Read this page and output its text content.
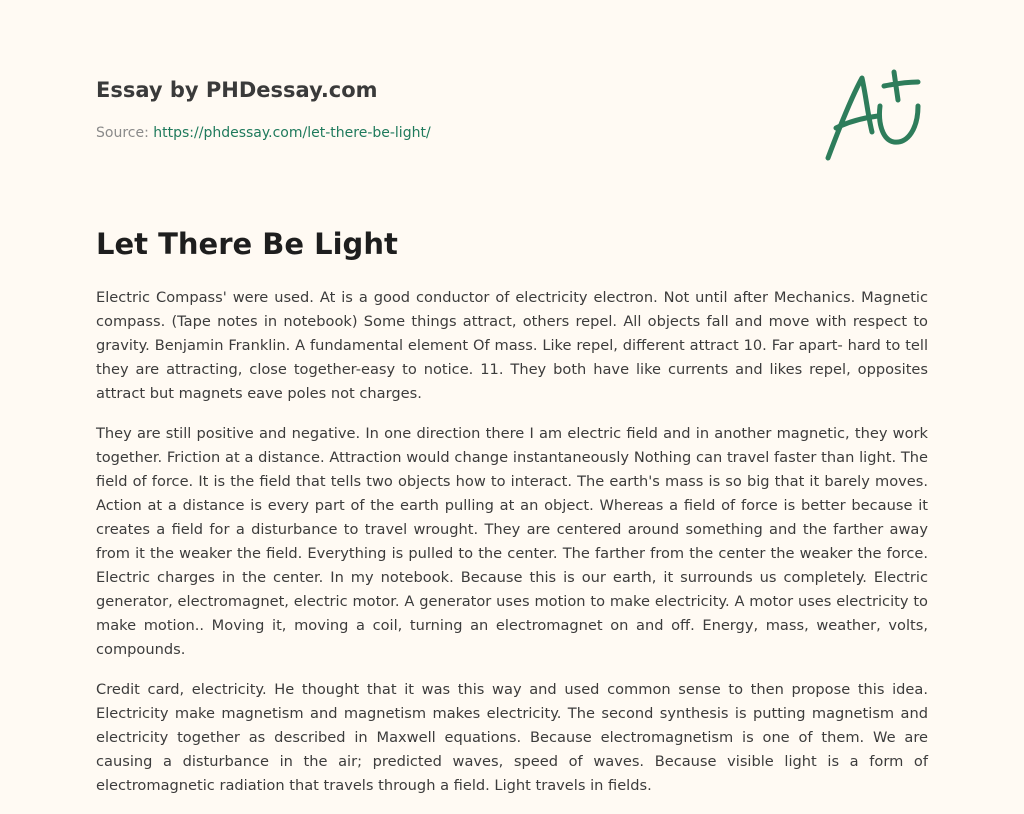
Essay by PHDessay.com
Source: https://phdessay.com/let-there-be-light/
Let There Be Light

Electric Compass' were used. At is a good conductor of electricity electron. Not until after Mechanics. Magnetic compass. (Tape notes in notebook) Some things attract, others repel. All objects fall and move with respect to gravity. Benjamin Franklin. A fundamental element Of mass. Like repel, different attract 10. Far apart- hard to tell they are attracting, close together-easy to notice. 11. They both have like currents and likes repel, opposites attract but magnets eave poles not charges.

They are still positive and negative. In one direction there I am electric field and in another magnetic, they work together. Friction at a distance. Attraction would change instantaneously Nothing can travel faster than light. The field of force. It is the field that tells two objects how to interact. The earth's mass is so big that it barely moves. Action at a distance is every part of the earth pulling at an object. Whereas a field of force is better because it creates a field for a disturbance to travel wrought. They are centered around something and the farther away from it the weaker the field. Everything is pulled to the center. The farther from the center the weaker the force. Electric charges in the center. In my notebook. Because this is our earth, it surrounds us completely. Electric generator, electromagnet, electric motor. A generator uses motion to make electricity. A motor uses electricity to make motion.. Moving it, moving a coil, turning an electromagnet on and off. Energy, mass, weather, volts, compounds.

Credit card, electricity. He thought that it was this way and used common sense to then propose this idea. Electricity make magnetism and magnetism makes electricity. The second synthesis is putting magnetism and electricity together as described in Maxwell equations. Because electromagnetism is one of them. We are causing a disturbance in the air; predicted waves, speed of waves. Because visible light is a form of electromagnetic radiation that travels through a field. Light travels in fields.
